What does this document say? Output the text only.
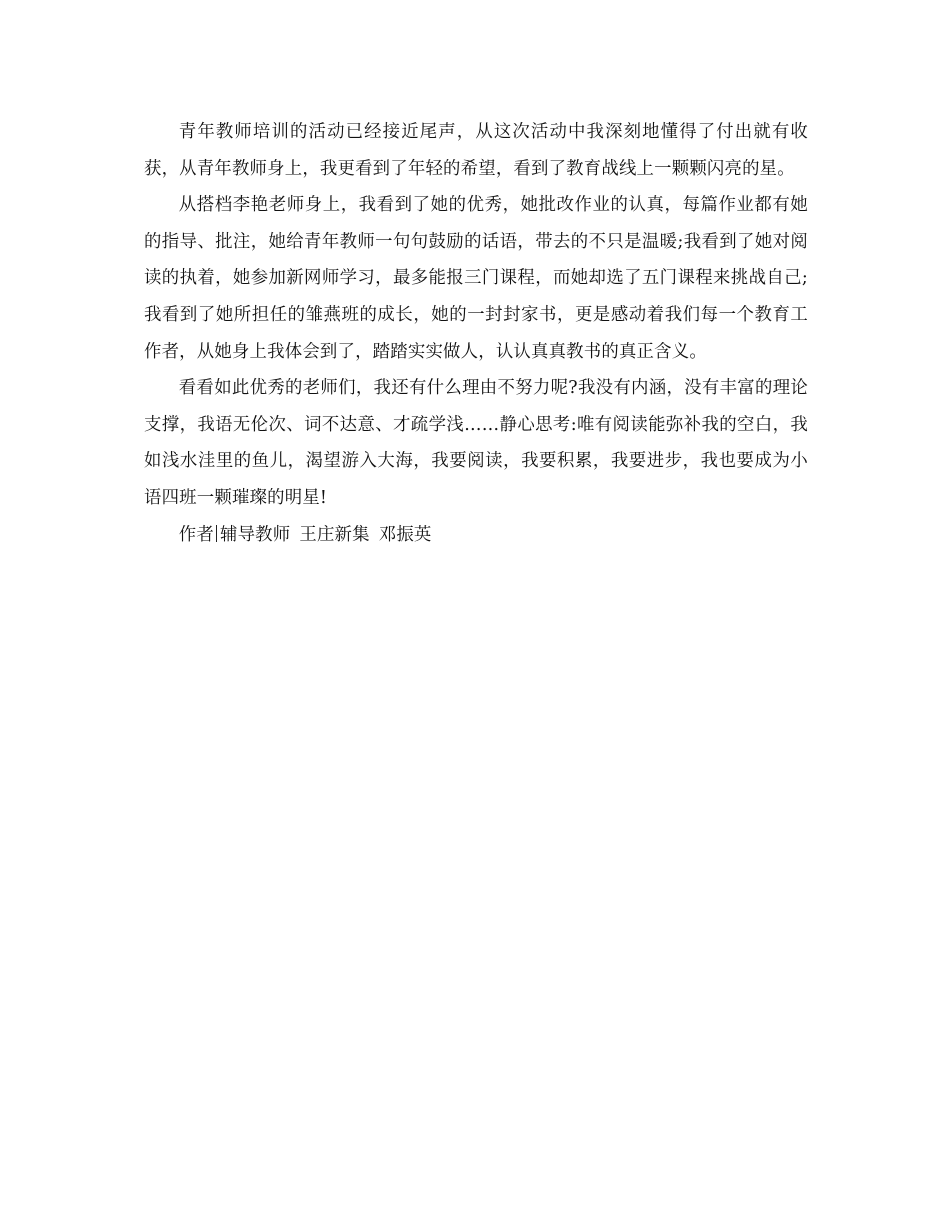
青年教师培训的活动已经接近尾声，从这次活动中我深刻地懂得了付出就有收获，从青年教师身上，我更看到了年轻的希望，看到了教育战线上一颗颗闪亮的星。

从搭档李艳老师身上，我看到了她的优秀，她批改作业的认真，每篇作业都有她的指导、批注，她给青年教师一句句鼓励的话语，带去的不只是温暖;我看到了她对阅读的执着，她参加新网师学习，最多能报三门课程，而她却选了五门课程来挑战自己;我看到了她所担任的雏燕班的成长，她的一封封家书，更是感动着我们每一个教育工作者，从她身上我体会到了，踏踏实实做人，认认真真教书的真正含义。

看看如此优秀的老师们，我还有什么理由不努力呢?我没有内涵，没有丰富的理论支撑，我语无伦次、词不达意、才疏学浅……静心思考:唯有阅读能弥补我的空白，我如浅水洼里的鱼儿，渴望游入大海，我要阅读，我要积累，我要进步，我也要成为小语四班一颗璀璨的明星!

作者 辅导教师 王庄新集 邓振英
